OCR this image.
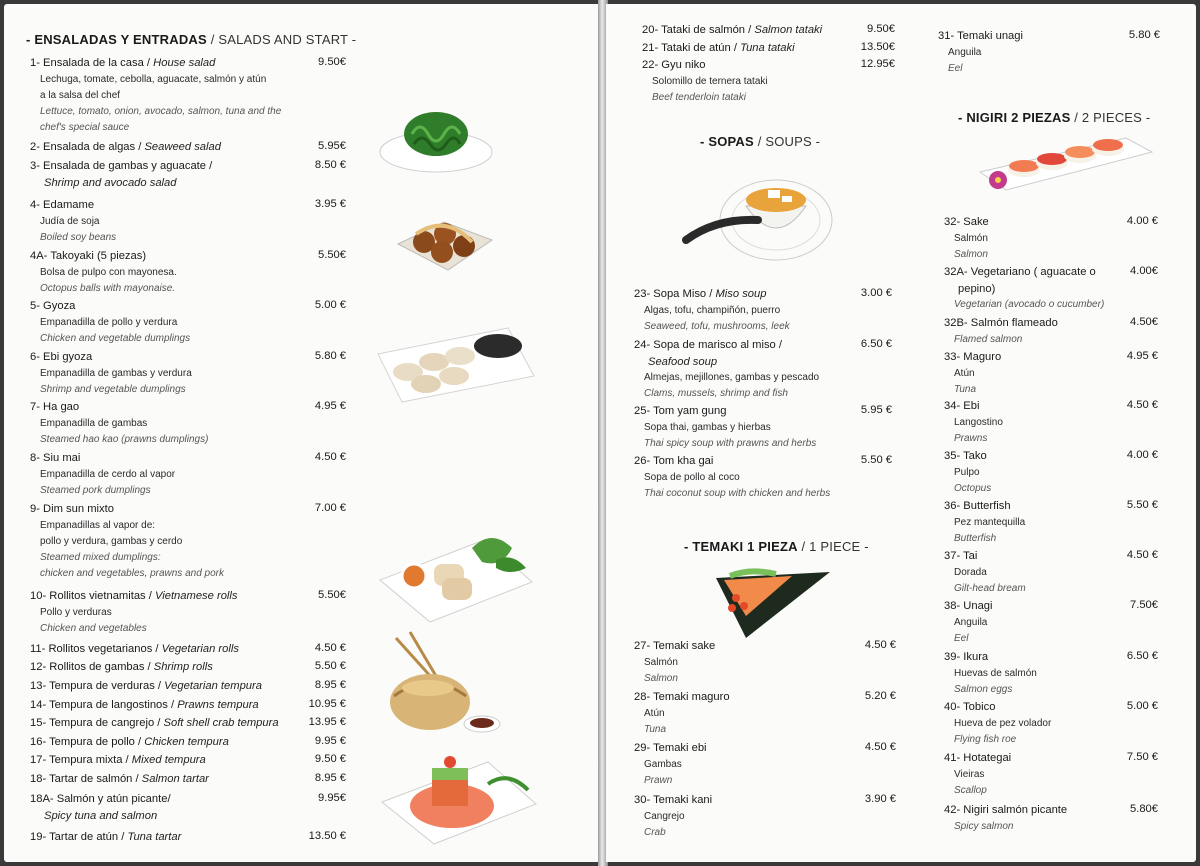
- ENSALADAS Y ENTRADAS / SALADS AND START -
1- Ensalada de la casa / House salad
Lechuga, tomate, cebolla, aguacate, salmón y atún
a la salsa del chef
Lettuce, tomato, onion, avocado, salmon, tuna and the
chef's special sauce
9.50€
2- Ensalada de algas / Seaweed salad	5.95€
3- Ensalada de gambas y aguacate /
Shrimp and avocado salad
8.50 €
4- Edamame
Judía de soja
Boiled soy beans
3.95 €
4A- Takoyaki (5 piezas)
Bolsa de pulpo con mayonesa.
Octopus balls with mayonaise.
5.50€
5- Gyoza
Empanadilla de pollo y verdura
Chicken and vegetable dumplings
5.00 €
6- Ebi gyoza
Empanadilla de gambas y verdura
Shrimp and vegetable dumplings
5.80 €
7- Ha gao
Empanadilla de gambas
Steamed hao kao (prawns dumplings)
4.95 €
8- Siu mai
Empanadilla de cerdo al vapor
Steamed pork dumplings
4.50 €
9- Dim sun mixto
Empanadillas al vapor de:
pollo y verdura, gambas y cerdo
Steamed mixed dumplings:
chicken and vegetables, prawns and pork
7.00 €
10- Rollitos vietnamitas / Vietnamese rolls
Pollo y verduras
Chicken and vegetables
5.50€
11- Rollitos vegetarianos / Vegetarian rolls	4.50 €
12- Rollitos de gambas / Shrimp rolls	5.50 €
13- Tempura de verduras / Vegetarian tempura	8.95 €
14- Tempura de langostinos / Prawns tempura	10.95 €
15- Tempura de cangrejo / Soft shell crab tempura	13.95 €
16- Tempura de pollo / Chicken tempura	9.95 €
17- Tempura mixta / Mixed tempura	9.50 €
18- Tartar de salmón / Salmon tartar	8.95 €
18A- Salmón y atún picante/
Spicy tuna and salmon
9.95€
19- Tartar de atún / Tuna tartar	13.50 €
20- Tataki de salmón / Salmon tataki	9.50€
21- Tataki de atún / Tuna tataki	13.50€
22- Gyu niko
Solomillo de ternera tataki
Beef tenderloin tataki
12.95€
- SOPAS / SOUPS -
23- Sopa Miso / Miso soup
Algas, tofu, champiñón, puerro
Seaweed, tofu, mushrooms, leek
3.00 €
24- Sopa de marisco al miso /
Seafood soup
Almejas, mejillones, gambas y pescado
Clams, mussels, shrimp and fish
6.50 €
25- Tom yam gung
Sopa thai, gambas y hierbas
Thai spicy soup with prawns and herbs
5.95 €
26- Tom kha gai
Sopa de pollo al coco
Thai coconut soup with chicken and herbs
5.50 €
- TEMAKI 1 PIEZA / 1 PIECE -
27- Temaki sake
Salmón
Salmon
4.50 €
28- Temaki maguro
Atún
Tuna
5.20 €
29- Temaki ebi
Gambas
Prawn
4.50 €
30- Temaki kani
Cangrejo
Crab
3.90 €
31- Temaki unagi
Anguila
Eel
5.80 €
- NIGIRI 2 PIEZAS / 2 PIECES -
32- Sake
Salmón
Salmon
4.00 €
32A- Vegetariano ( aguacate o
pepino)
Vegetarian (avocado o cucumber)
4.00€
32B- Salmón flameado
Flamed salmon
4.50€
33- Maguro
Atún
Tuna
4.95 €
34- Ebi
Langostino
Prawns
4.50 €
35- Tako
Pulpo
Octopus
4.00 €
36- Butterfish
Pez mantequilla
Butterfish
5.50 €
37- Tai
Dorada
Gilt-head bream
4.50 €
38- Unagi
Anguila
Eel
7.50€
39- Ikura
Huevas de salmón
Salmon eggs
6.50 €
40- Tobico
Hueva de pez volador
Flying fish roe
5.00 €
41- Hotategai
Vieiras
Scallop
7.50 €
42- Nigiri salmón picante
Spicy salmon
5.80€
